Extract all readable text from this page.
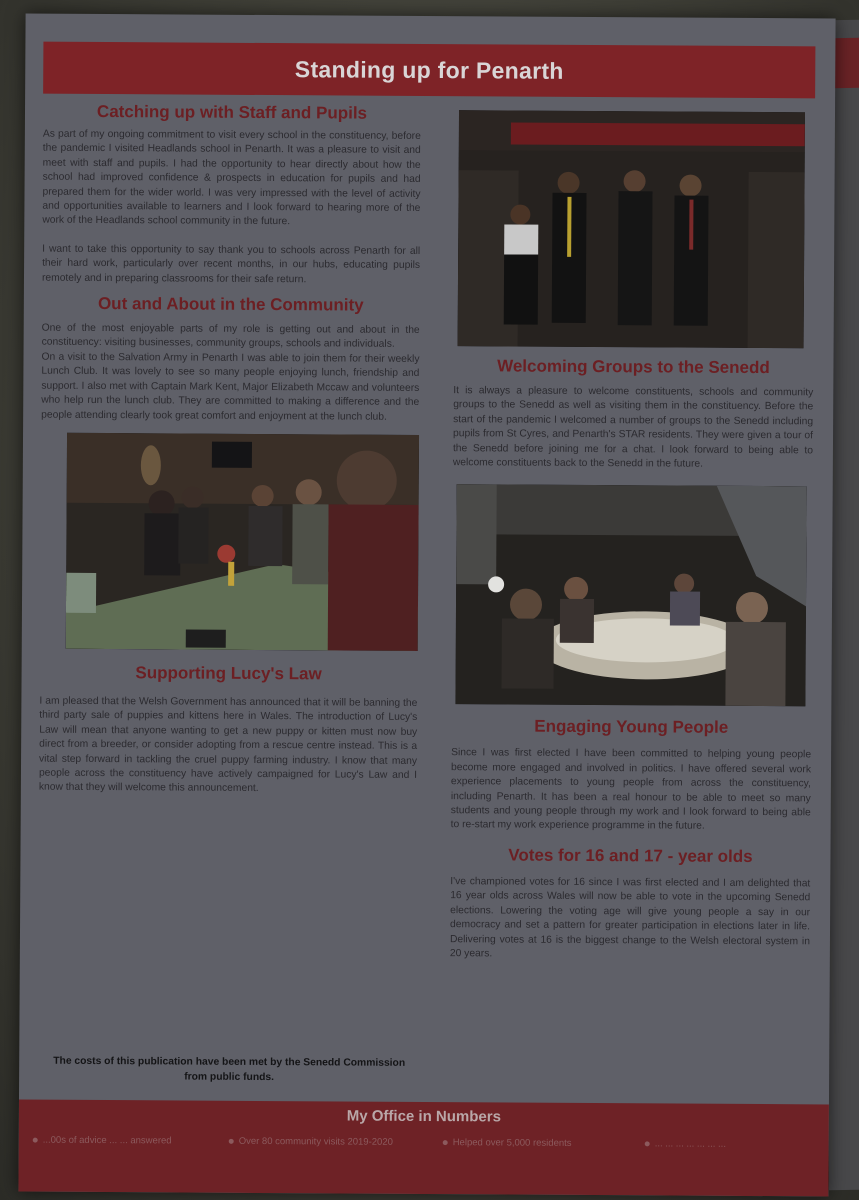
Standing up for Penarth
Catching up with Staff and Pupils

As part of my ongoing commitment to visit every school in the constituency, before the pandemic I visited Headlands school in Penarth. It was a pleasure to visit and meet with staff and pupils. I had the opportunity to hear directly about how the school had improved confidence & prospects in education for pupils and had prepared them for the wider world. I was very impressed with the level of activity and opportunities available to learners and I look forward to hearing more of the work of the Headlands school community in the future.

I want to take this opportunity to say thank you to schools across Penarth for all their hard work, particularly over recent months, in our hubs, educating pupils remotely and in preparing classrooms for their safe return.

Out and About in the Community

One of the most enjoyable parts of my role is getting out and about in the constituency: visiting businesses, community groups, schools and individuals.

On a visit to the Salvation Army in Penarth I was able to join them for their weekly Lunch Club. It was lovely to see so many people enjoying lunch, friendship and support. I also met with Captain Mark Kent, Major Elizabeth Mccaw and volunteers who help run the lunch club. They are committed to making a difference and the people attending clearly took great comfort and enjoyment at the lunch club.

Supporting Lucy's Law

I am pleased that the Welsh Government has announced that it will be banning the third party sale of puppies and kittens here in Wales. The introduction of Lucy's Law will mean that anyone wanting to get a new puppy or kitten must now buy direct from a breeder, or consider adopting from a rescue centre instead. This is a vital step forward in tackling the cruel puppy farming industry. I know that many people across the constituency have actively campaigned for Lucy's Law and I know that they will welcome this announcement.

The costs of this publication have been met by the Senedd Commission from public funds.
Welcoming Groups to the Senedd

It is always a pleasure to welcome constituents, schools and community groups to the Senedd as well as visiting them in the constituency. Before the start of the pandemic I welcomed a number of groups to the Senedd including pupils from St Cyres, and Penarth's STAR residents. They were given a tour of the Senedd before joining me for a chat. I look forward to being able to welcome constituents back to the Senedd in the future.

Engaging Young People

Since I was first elected I have been committed to helping young people become more engaged and involved in politics. I have offered several work experience placements to young people from across the constituency, including Penarth. It has been a real honour to be able to meet so many students and young people through my work and I look forward to being able to re-start my work experience programme in the future.

Votes for 16 and 17 - year olds

I've championed votes for 16 since I was first elected and I am delighted that 16 year olds across Wales will now be able to vote in the upcoming Senedd elections. Lowering the voting age will give young people a say in our democracy and set a pattern for greater participation in elections later in life. Delivering votes at 16 is the biggest change to the Welsh electoral system in 20 years.

My Office in Numbers
...00s of advice ... ... answered	Over 80 community visits 2019-2020	Helped over 5,000 residents	... ... ... ... ... ... ...
